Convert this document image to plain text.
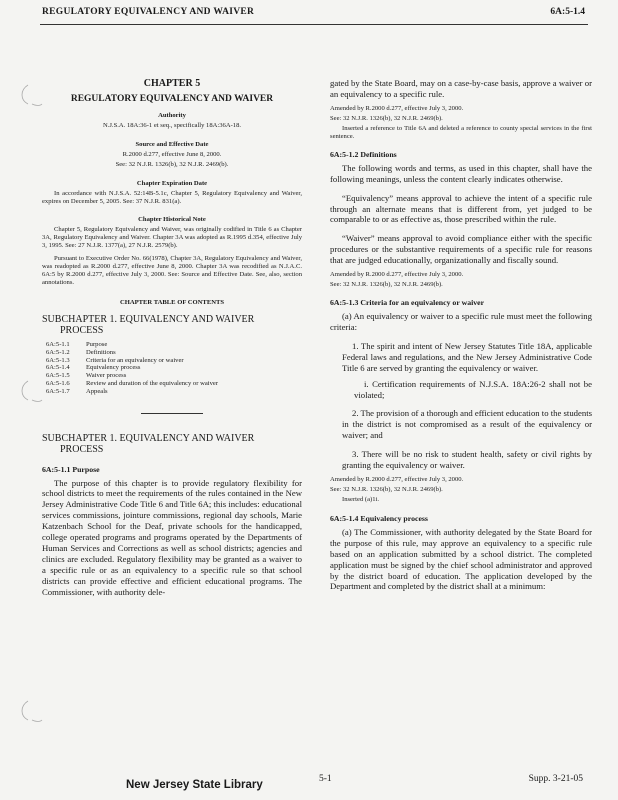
REGULATORY EQUIVALENCY AND WAIVER	6A:5-1.4

CHAPTER 5

REGULATORY EQUIVALENCY AND WAIVER

Authority

N.J.S.A. 18A:36-1 et seq., specifically 18A:36A-18.

Source and Effective Date

R.2000 d.277, effective June 8, 2000.

See: 32 N.J.R. 1326(b), 32 N.J.R. 2469(b).

Chapter Expiration Date

In accordance with N.J.S.A. 52:14B-5.1c, Chapter 5, Regulatory Equivalency and Waiver, expires on December 5, 2005. See: 37 N.J.R. 831(a).

Chapter Historical Note

Chapter 5, Regulatory Equivalency and Waiver, was originally codified in Title 6 as Chapter 3A, Regulatory Equivalency and Waiver. Chapter 3A was adopted as R.1995 d.354, effective July 3, 1995. See: 27 N.J.R. 1377(a), 27 N.J.R. 2579(b).

Pursuant to Executive Order No. 66(1978), Chapter 3A, Regulatory Equivalency and Waiver, was readopted as R.2000 d.277, effective June 8, 2000. Chapter 3A was recodified as N.J.A.C. 6A:5 by R.2000 d.277, effective July 3, 2000. See: Source and Effective Date. See, also, section annotations.

CHAPTER TABLE OF CONTENTS

SUBCHAPTER 1. EQUIVALENCY AND WAIVER
PROCESS
6A:5-1.1	Purpose
6A:5-1.2	Definitions
6A:5-1.3	Criteria for an equivalency or waiver
6A:5-1.4	Equivalency process
6A:5-1.5	Waiver process
6A:5-1.6	Review and duration of the equivalency or waiver
6A:5-1.7	Appeals
SUBCHAPTER 1. EQUIVALENCY AND WAIVER
PROCESS

6A:5-1.1 Purpose

The purpose of this chapter is to provide regulatory flexibility for school districts to meet the requirements of the rules contained in the New Jersey Administrative Code Title 6 and Title 6A; this includes: educational services commissions, jointure commissions, regional day schools, Marie Katzenbach School for the Deaf, private schools for the handicapped, college operated programs and programs operated by the Departments of Human Services and Corrections as well as school districts; agencies and clinics are excluded. Regulatory flexibility may be granted as a waiver to a specific rule or as an equivalency to a specific rule so that school districts can provide effective and efficient educational programs. The Commissioner, with authority dele-

gated by the State Board, may on a case-by-case basis, approve a waiver or an equivalency to a specific rule.

Amended by R.2000 d.277, effective July 3, 2000.

See: 32 N.J.R. 1326(b), 32 N.J.R. 2469(b).

Inserted a reference to Title 6A and deleted a reference to county special services in the first sentence.

6A:5-1.2 Definitions

The following words and terms, as used in this chapter, shall have the following meanings, unless the content clearly indicates otherwise.

“Equivalency” means approval to achieve the intent of a specific rule through an alternate means that is different from, yet judged to be comparable to or as effective as, those prescribed within the rule.

“Waiver” means approval to avoid compliance either with the specific procedures or the substantive requirements of a specific rule for reasons that are judged educationally, organizationally and fiscally sound.

Amended by R.2000 d.277, effective July 3, 2000.

See: 32 N.J.R. 1326(b), 32 N.J.R. 2469(b).

6A:5-1.3 Criteria for an equivalency or waiver

(a) An equivalency or waiver to a specific rule must meet the following criteria:

1. The spirit and intent of New Jersey Statutes Title 18A, applicable Federal laws and regulations, and the New Jersey Administrative Code Title 6 are served by granting the equivalency or waiver.

i. Certification requirements of N.J.S.A. 18A:26-2 shall not be violated;

2. The provision of a thorough and efficient education to the students in the district is not compromised as a result of the equivalency or waiver; and

3. There will be no risk to student health, safety or civil rights by granting the equivalency or waiver.

Amended by R.2000 d.277, effective July 3, 2000.

See: 32 N.J.R. 1326(b), 32 N.J.R. 2469(b).

Inserted (a)1i.

6A:5-1.4 Equivalency process

(a) The Commissioner, with authority delegated by the State Board for the purpose of this rule, may approve an equivalency to a specific rule based on an application submitted by a school district. The completed application must be signed by the chief school administrator and approved by the district board of education. The application developed by the Department and completed by the district shall at a minimum:

New Jersey State Library	5-1	Supp. 3-21-05
